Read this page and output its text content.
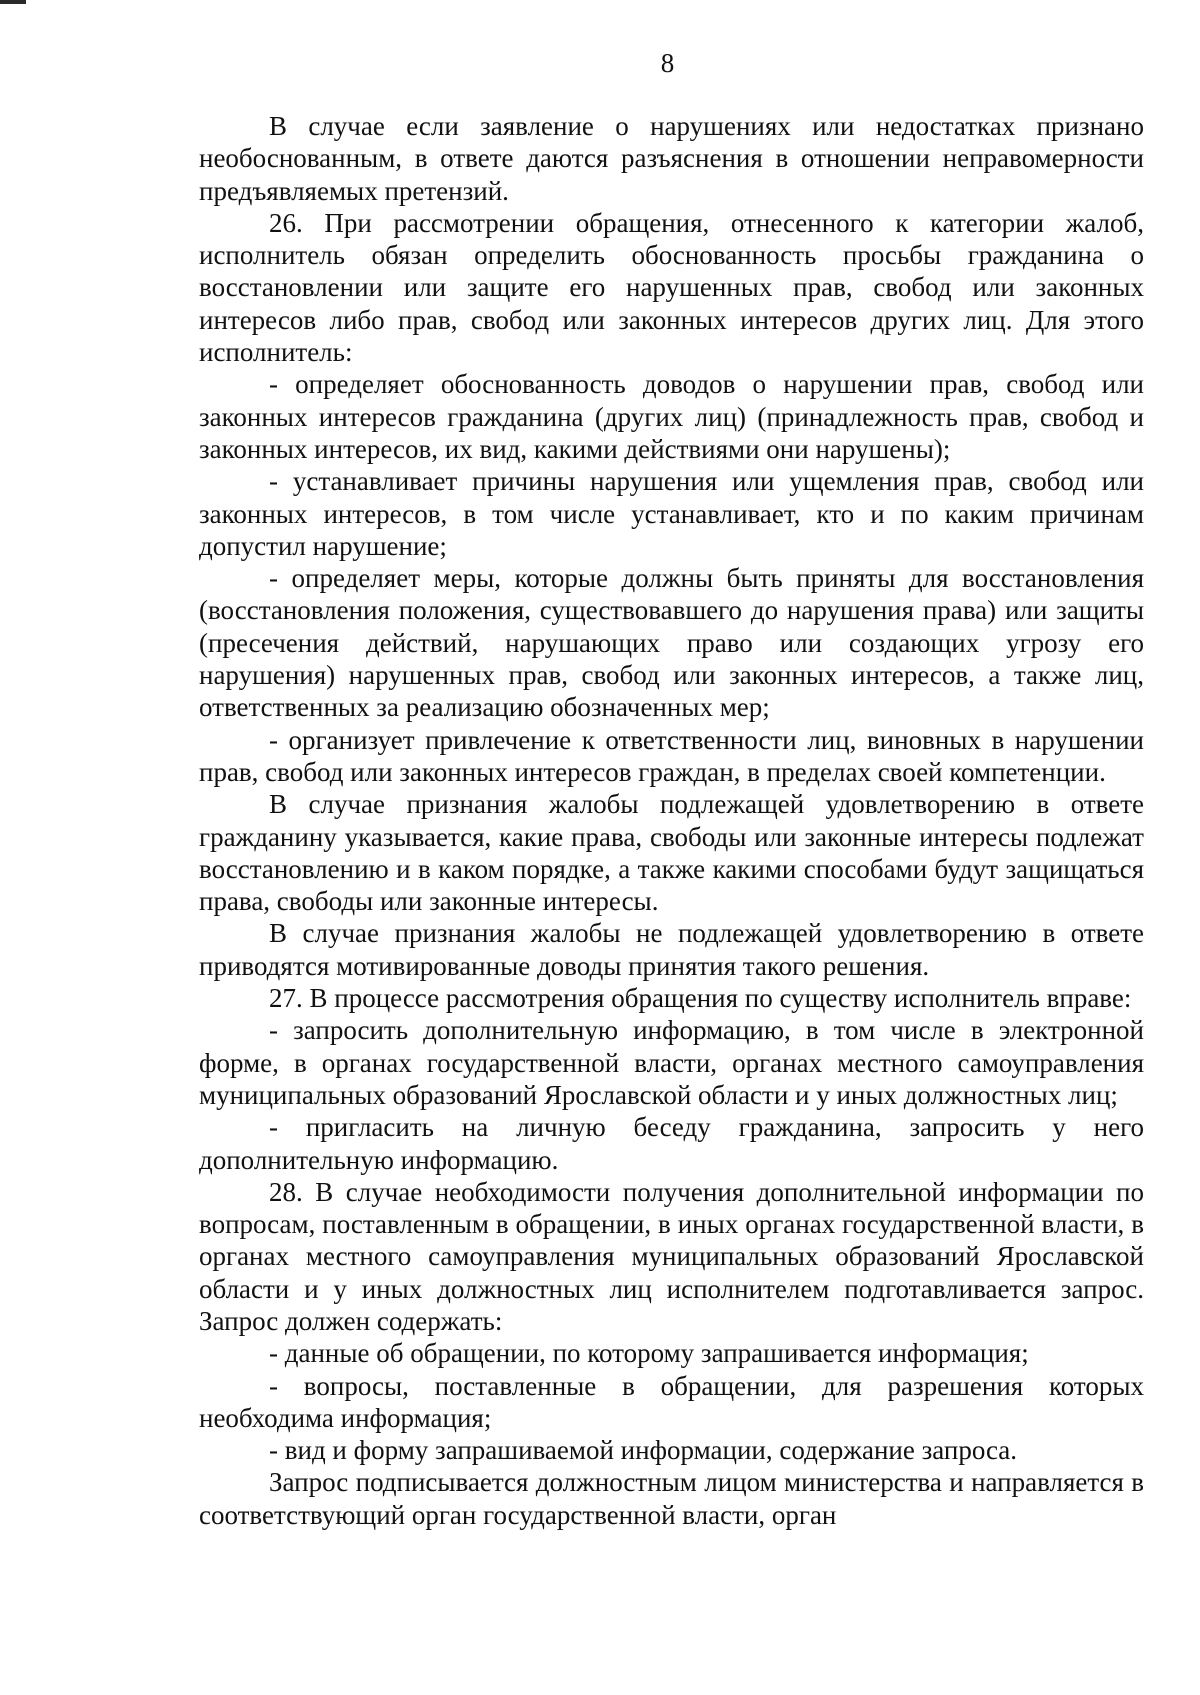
8

В случае если заявление о нарушениях или недостатках признано необоснованным, в ответе даются разъяснения в отношении неправомерности предъявляемых претензий.

26. При рассмотрении обращения, отнесенного к категории жалоб, исполнитель обязан определить обоснованность просьбы гражданина о восстановлении или защите его нарушенных прав, свобод или законных интересов либо прав, свобод или законных интересов других лиц. Для этого исполнитель:

- определяет обоснованность доводов о нарушении прав, свобод или законных интересов гражданина (других лиц) (принадлежность прав, свобод и законных интересов, их вид, какими действиями они нарушены);

- устанавливает причины нарушения или ущемления прав, свобод или законных интересов, в том числе устанавливает, кто и по каким причинам допустил нарушение;

- определяет меры, которые должны быть приняты для восстановления (восстановления положения, существовавшего до нарушения права) или защиты (пресечения действий, нарушающих право или создающих угрозу его нарушения) нарушенных прав, свобод или законных интересов, а также лиц, ответственных за реализацию обозначенных мер;

- организует привлечение к ответственности лиц, виновных в нарушении прав, свобод или законных интересов граждан, в пределах своей компетенции.

В случае признания жалобы подлежащей удовлетворению в ответе гражданину указывается, какие права, свободы или законные интересы подлежат восстановлению и в каком порядке, а также какими способами будут защищаться права, свободы или законные интересы.

В случае признания жалобы не подлежащей удовлетворению в ответе приводятся мотивированные доводы принятия такого решения.

27. В процессе рассмотрения обращения по существу исполнитель вправе:

- запросить дополнительную информацию, в том числе в электронной форме, в органах государственной власти, органах местного самоуправления муниципальных образований Ярославской области и у иных должностных лиц;

- пригласить на личную беседу гражданина, запросить у него дополнительную информацию.

28. В случае необходимости получения дополнительной информации по вопросам, поставленным в обращении, в иных органах государственной власти, в органах местного самоуправления муниципальных образований Ярославской области и у иных должностных лиц исполнителем подготавливается запрос. Запрос должен содержать:

- данные об обращении, по которому запрашивается информация;

- вопросы, поставленные в обращении, для разрешения которых необходима информация;

- вид и форму запрашиваемой информации, содержание запроса.

Запрос подписывается должностным лицом министерства и направляется в соответствующий орган государственной власти, орган
